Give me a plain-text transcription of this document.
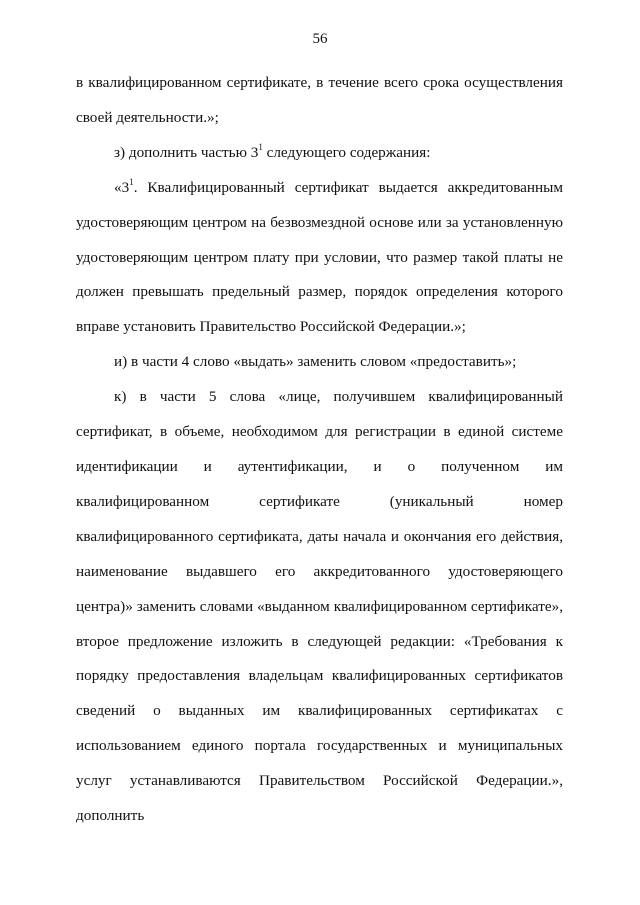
56

в квалифицированном сертификате, в течение всего срока осуществления своей деятельности.»;

з) дополнить частью $3^1$ следующего содержания:

«$3^1$. Квалифицированный сертификат выдается аккредитованным удостоверяющим центром на безвозмездной основе или за установленную удостоверяющим центром плату при условии, что размер такой платы не должен превышать предельный размер, порядок определения которого вправе установить Правительство Российской Федерации.»;

и) в части 4 слово «выдать» заменить словом «предоставить»;

к) в части 5 слова «лице, получившем квалифицированный сертификат, в объеме, необходимом для регистрации в единой системе идентификации и аутентификации, и о полученном им квалифицированном сертификате (уникальный номер квалифицированного сертификата, даты начала и окончания его действия, наименование выдавшего его аккредитованного удостоверяющего центра)» заменить словами «выданном квалифицированном сертификате», второе предложение изложить в следующей редакции: «Требования к порядку предоставления владельцам квалифицированных сертификатов сведений о выданных им квалифицированных сертификатах с использованием единого портала государственных и муниципальных услуг устанавливаются Правительством Российской Федерации.», дополнить
